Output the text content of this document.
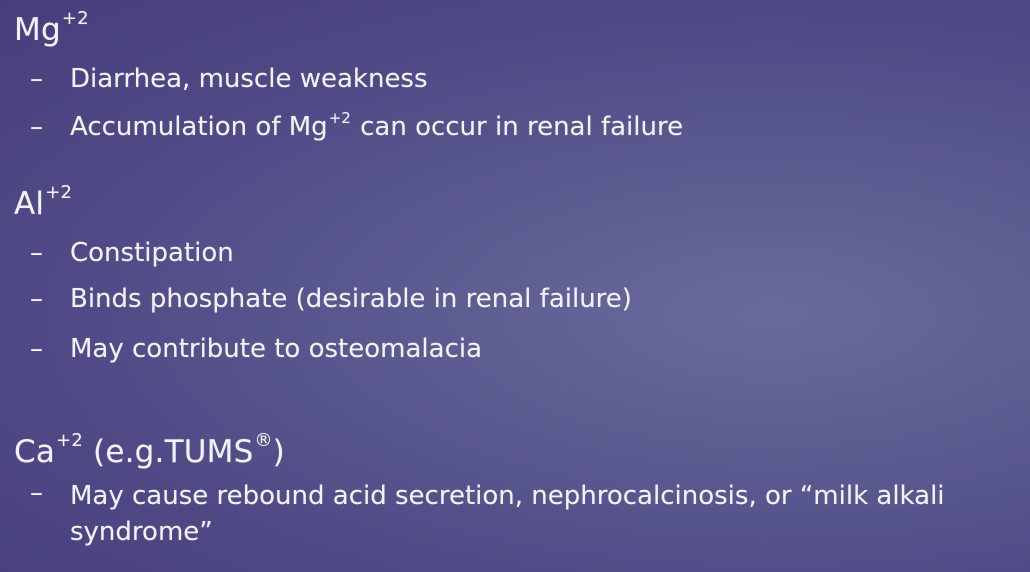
$Mg^{+2}$
–	Diarrhea, muscle weakness
–	Accumulation of $Mg^{+2}$ can occur in renal failure
$Al^{+2}$
–	Constipation
–	Binds phosphate (desirable in renal failure)
–	May contribute to osteomalacia
$Ca^{+2}$ (e.g.TUMS®)
–	May cause rebound acid secretion, nephrocalcinosis, or “milk alkali syndrome”
